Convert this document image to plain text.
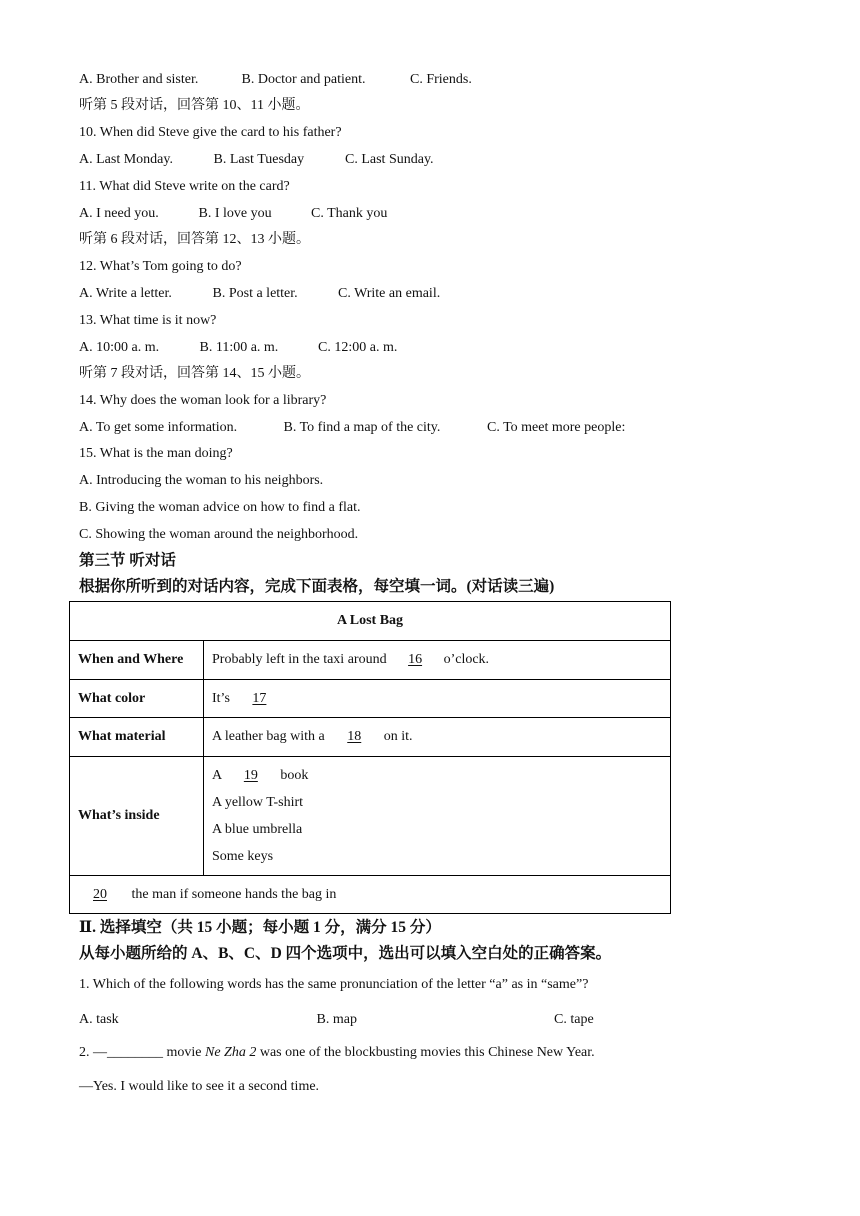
A. Brother and sister.	B. Doctor and patient.	C. Friends.
听第 5 段对话，回答第 10、11 小题。
10. When did Steve give the card to his father?
A. Last Monday.	B. Last Tuesday	C. Last Sunday.
11. What did Steve write on the card?
A. I need you.	B. I love you	C. Thank you
听第 6 段对话，回答第 12、13 小题。
12. What’s Tom going to do?
A. Write a letter.	B. Post a letter.	C. Write an email.
13. What time is it now?
A. 10:00 a. m.	B. 11:00 a. m.	C. 12:00 a. m.
听第 7 段对话，回答第 14、15 小题。
14. Why does the woman look for a library?
A. To get some information.	B. To find a map of the city.	C. To meet more people:
15. What is the man doing?
A. Introducing the woman to his neighbors.
B. Giving the woman advice on how to find a flat.
C. Showing the woman around the neighborhood.
第三节 听对话
根据你所听到的对话内容，完成下面表格，每空填一词。(对话读三遍)
A Lost Bag	
When and Where	Probably left in the taxi around 16 o’clock.
What color	It’s 17
What material	A leather bag with a 18 on it.
What’s inside	A 19 book
A yellow T-shirt
A blue umbrella
Some keys

20 the man if someone hands the bag in	
Ⅱ. 选择填空（共 15 小题；每小题 1 分，满分 15 分）
从每小题所给的 A、B、C、D 四个选项中，选出可以填入空白处的正确答案。
1. Which of the following words has the same pronunciation of the letter “a” as in “same”?
A. task	B. map	C. tape
2. —________ movie Ne Zha 2 was one of the blockbusting movies this Chinese New Year.
—Yes. I would like to see it a second time.
